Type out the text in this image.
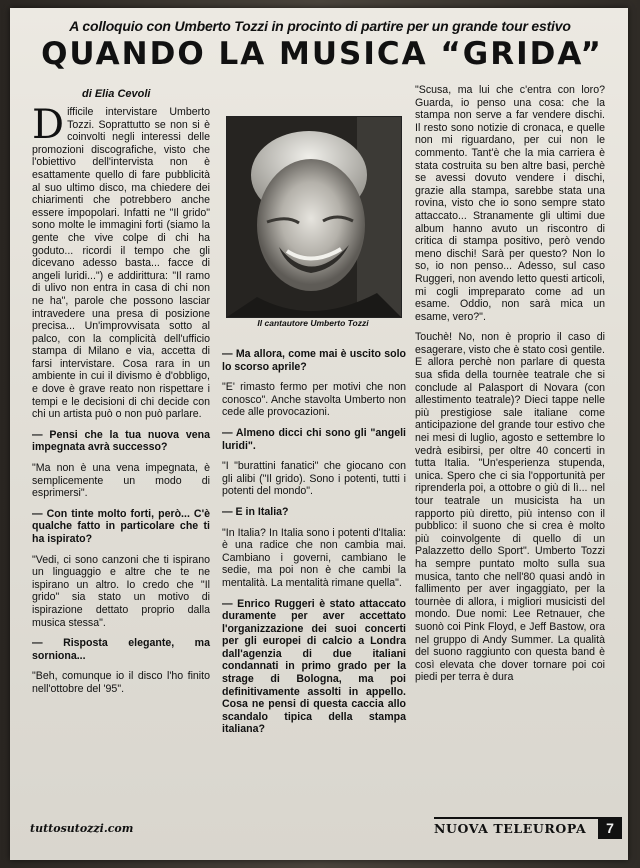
A colloquio con Umberto Tozzi in procinto di partire per un grande tour estivo
QUANDO LA MUSICA “GRIDA”
di Elia Cevoli

Difficile intervistare Umberto Tozzi. Soprattutto se non si è coinvolti negli interessi delle promozioni discografiche, visto che l'obiettivo dell'intervista non è esattamente quello di fare pubblicità al suo ultimo disco, ma chiedere dei chiarimenti che potrebbero anche essere impopolari. Infatti ne "Il grido" sono molte le immagini forti (siamo la gente che vive colpe di chi ha goduto... ricordi il tempo che gli dicevano adesso basta... facce di angeli luridi...") e addirittura: "Il ramo di ulivo non entra in casa di chi non ne ha", parole che possono lasciar intravedere una presa di posizione precisa... Un'improvvisata sotto al palco, con la complicità dell'ufficio stampa di Milano e via, accetta di farsi intervistare. Cosa rara in un ambiente in cui il divismo è d'obbligo, e dove è grave reato non rispettare i tempi e le decisioni di chi decide con chi un artista può o non può parlare.

— Pensi che la tua nuova vena impegnata avrà successo?

"Ma non è una vena impegnata, è semplicemente un modo di esprimersi".

— Con tinte molto forti, però... C'è qualche fatto in particolare che ti ha ispirato?

"Vedi, ci sono canzoni che ti ispirano un linguaggio e altre che te ne ispirano un altro. Io credo che "Il grido" sia stato un motivo di ispirazione dettato proprio dalla musica stessa".

— Risposta elegante, ma sorniona...

"Beh, comunque io il disco l'ho finito nell'ottobre del '95".

Il cantautore Umberto Tozzi

— Ma allora, come mai è uscito solo lo scorso aprile?

"E' rimasto fermo per motivi che non conosco". Anche stavolta Umberto non cede alle provocazioni.

— Almeno dicci chi sono gli "angeli luridi".

"I "burattini fanatici" che giocano con gli alibi ("Il grido). Sono i potenti, tutti i potenti del mondo".

— E in Italia?

"In Italia? In Italia sono i potenti d'Italia: è una radice che non cambia mai. Cambiano i governi, cambiano le sedie, ma poi non è che cambi la mentalità. La mentalità rimane quella".

— Enrico Ruggeri è stato attaccato duramente per aver accettato l'organizzazione dei suoi concerti per gli europei di calcio a Londra dall'agenzia di due italiani condannati in primo grado per la strage di Bologna, ma poi definitivamente assolti in appello. Cosa ne pensi di questa caccia allo scandalo tipica della stampa italiana?

"Scusa, ma lui che c'entra con loro? Guarda, io penso una cosa: che la stampa non serve a far vendere dischi. Il resto sono notizie di cronaca, e quelle non mi riguardano, per cui non le commento. Tant'è che la mia carriera è stata costruita su ben altre basi, perchè se avessi dovuto vendere i dischi, grazie alla stampa, sarebbe stata una rovina, visto che io sono sempre stato attaccato... Stranamente gli ultimi due album hanno avuto un riscontro di critica di stampa positivo, però vendo meno dischi! Sarà per questo? Non lo so, io non penso... Adesso, sul caso Ruggeri, non avendo letto questi articoli, mi cogli impreparato come ad un esame. Oddio, non sarà mica un esame, vero?".

Touchè! No, non è proprio il caso di esagerare, visto che è stato così gentile. E allora perchè non parlare di questa sua sfida della tournèe teatrale che si conclude al Palasport di Novara (con allestimento teatrale)? Dieci tappe nelle più prestigiose sale italiane come anticipazione del grande tour estivo che nei mesi di luglio, agosto e settembre lo vedrà esibirsi, per oltre 40 concerti in tutta Italia. "Un'esperienza stupenda, unica. Spero che ci sia l'opportunità per riprenderla poi, a ottobre o giù di lì... nel tour teatrale un musicista ha un rapporto più diretto, più intenso con il pubblico: il suono che si crea è molto più coinvolgente di quello di un Palazzetto dello Sport". Umberto Tozzi ha sempre puntato molto sulla sua musica, tanto che nell'80 quasi andò in fallimento per aver ingaggiato, per la tournèe di allora, i migliori musicisti del mondo. Due nomi: Lee Retnauer, che suonò coi Pink Floyd, e Jeff Bastow, ora nel gruppo di Andy Summer. La qualità del suono raggiunto con questa band è così elevata che dover tornare poi coi piedi per terra è dura

tuttosutozzi.com	NUOVA TELEUROPA	7
